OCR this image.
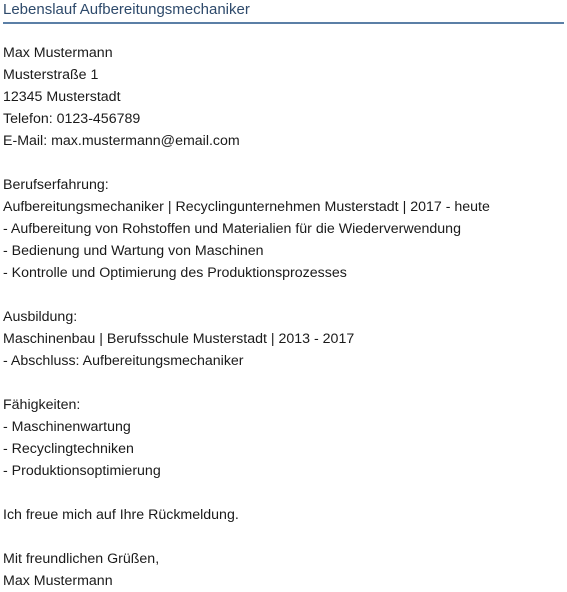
Lebenslauf Aufbereitungsmechaniker
Max Mustermann
Musterstraße 1
12345 Musterstadt
Telefon: 0123-456789
E-Mail: max.mustermann@email.com
Berufserfahrung:
Aufbereitungsmechaniker | Recyclingunternehmen Musterstadt | 2017 - heute
- Aufbereitung von Rohstoffen und Materialien für die Wiederverwendung
- Bedienung und Wartung von Maschinen
- Kontrolle und Optimierung des Produktionsprozesses
Ausbildung:
Maschinenbau | Berufsschule Musterstadt | 2013 - 2017
- Abschluss: Aufbereitungsmechaniker
Fähigkeiten:
- Maschinenwartung
- Recyclingtechniken
- Produktionsoptimierung
Ich freue mich auf Ihre Rückmeldung.
Mit freundlichen Grüßen,
Max Mustermann
